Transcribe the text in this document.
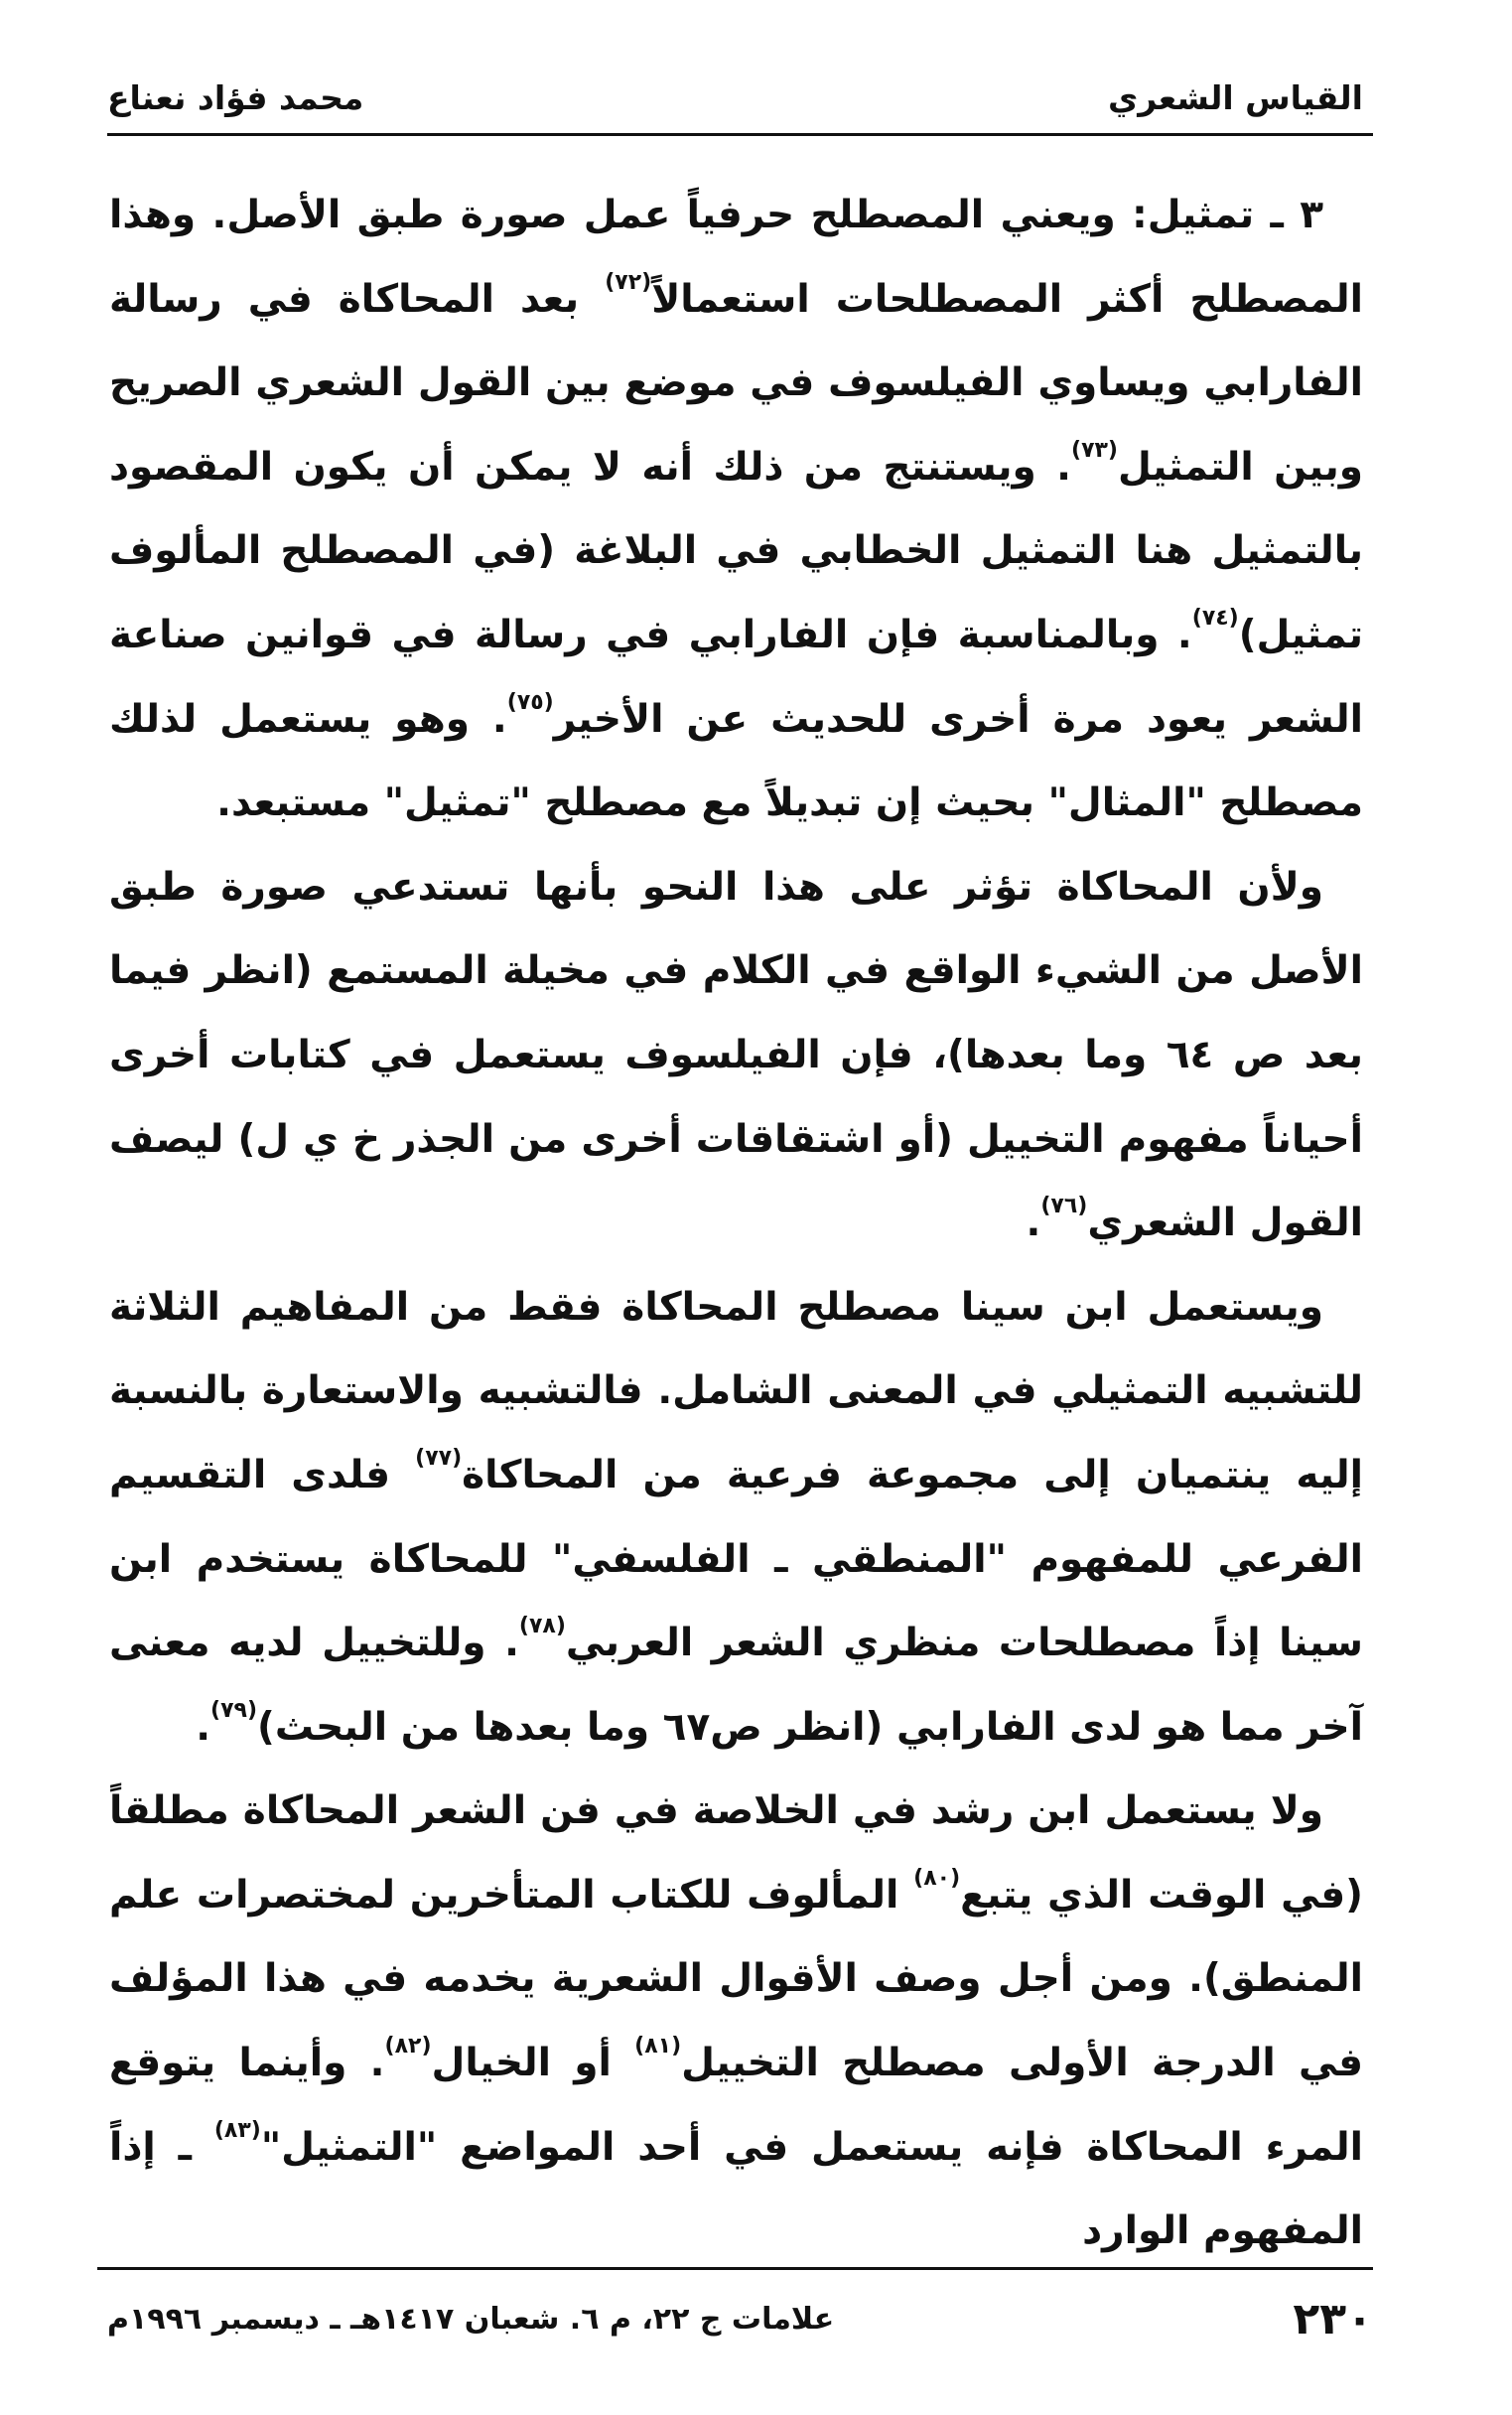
القياس الشعري
محمد فؤاد نعناع

٣ ـ تمثيل: ويعني المصطلح حرفياً عمل صورة طبق الأصل. وهذا المصطلح أكثر المصطلحات استعمالاً$^{(٧٢)}$ بعد المحاكاة في رسالة الفارابي ويساوي الفيلسوف في موضع بين القول الشعري الصريح وبين التمثيل$^{(٧٣)}$. ويستنتج من ذلك أنه لا يمكن أن يكون المقصود بالتمثيل هنا التمثيل الخطابي في البلاغة (في المصطلح المألوف تمثيل)$^{(٧٤)}$. وبالمناسبة فإن الفارابي في رسالة في قوانين صناعة الشعر يعود مرة أخرى للحديث عن الأخير$^{(٧٥)}$. وهو يستعمل لذلك مصطلح "المثال" بحيث إن تبديلاً مع مصطلح "تمثيل" مستبعد.

ولأن المحاكاة تؤثر على هذا النحو بأنها تستدعي صورة طبق الأصل من الشيء الواقع في الكلام في مخيلة المستمع (انظر فيما بعد ص ٦٤ وما بعدها)، فإن الفيلسوف يستعمل في كتابات أخرى أحياناً مفهوم التخييل (أو اشتقاقات أخرى من الجذر خ ي ل) ليصف القول الشعري$^{(٧٦)}$.

ويستعمل ابن سينا مصطلح المحاكاة فقط من المفاهيم الثلاثة للتشبيه التمثيلي في المعنى الشامل. فالتشبيه والاستعارة بالنسبة إليه ينتميان إلى مجموعة فرعية من المحاكاة$^{(٧٧)}$ فلدى التقسيم الفرعي للمفهوم "المنطقي ـ الفلسفي" للمحاكاة يستخدم ابن سينا إذاً مصطلحات منظري الشعر العربي$^{(٧٨)}$. وللتخييل لديه معنى آخر مما هو لدى الفارابي (انظر ص٦٧ وما بعدها من البحث)$^{(٧٩)}$.

ولا يستعمل ابن رشد في الخلاصة في فن الشعر المحاكاة مطلقاً (في الوقت الذي يتبع$^{(٨٠)}$ المألوف للكتاب المتأخرين لمختصرات علم المنطق). ومن أجل وصف الأقوال الشعرية يخدمه في هذا المؤلف في الدرجة الأولى مصطلح التخييل$^{(٨١)}$ أو الخيال$^{(٨٢)}$. وأينما يتوقع المرء المحاكاة فإنه يستعمل في أحد المواضع "التمثيل"$^{(٨٣)}$ ـ إذاً المفهوم الوارد

٢٣٠
علامات ج ٢٢، م ٦. شعبان ١٤١٧هـ ـ ديسمبر ١٩٩٦م
